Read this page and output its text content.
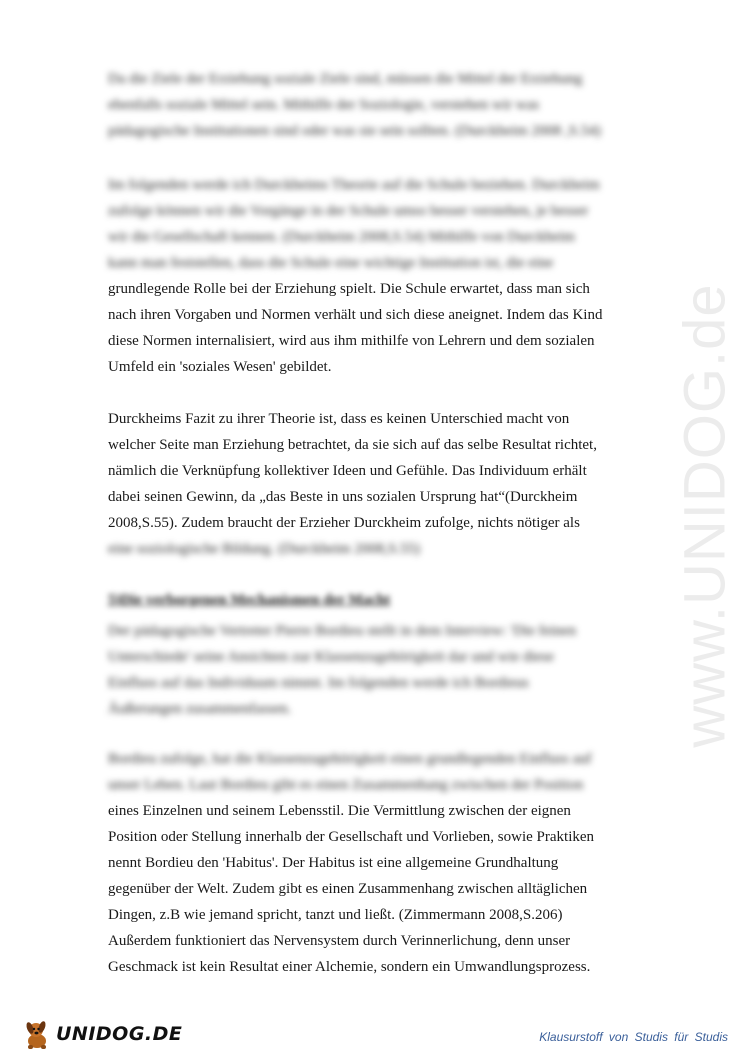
www.UNIDOG.de
Da die Ziele der Erziehung soziale Ziele sind, müssen die Mittel der Erziehung
ebenfalls soziale Mittel sein. Mithilfe der Soziologie, verstehen wir was
pädagogische Institutionen sind oder was sie sein sollten. (Durckheim 2008 ,S.54)
Im folgenden werde ich Durckheims Theorie auf die Schule beziehen. Durckheim
zufolge können wir die Vorgänge in der Schule umso besser verstehen, je besser
wir die Gesellschaft kennen. (Durckheim 2008,S.54) Mithilfe von Durckheim
kann man feststellen, dass die Schule eine wichtige Institution ist, die eine
grundlegende Rolle bei der Erziehung spielt. Die Schule erwartet, dass man sich
nach ihren Vorgaben und Normen verhält und sich diese aneignet. Indem das Kind
diese Normen internalisiert, wird aus ihm mithilfe von Lehrern und dem sozialen
Umfeld ein 'soziales Wesen' gebildet.
Durckheims Fazit zu ihrer Theorie ist, dass es keinen Unterschied macht von
welcher Seite man Erziehung betrachtet, da sie sich auf das selbe Resultat richtet,
nämlich die Verknüpfung kollektiver Ideen und Gefühle. Das Individuum erhält
dabei seinen Gewinn, da „das Beste in uns sozialen Ursprung hat“(Durckheim
2008,S.55). Zudem braucht der Erzieher Durckheim zufolge, nichts nötiger als
eine soziologische Bildung. (Durckheim 2008,S.55)
5)Die verborgenen Mechanismen der Macht
Der pädagogische Vertreter Pierre Bordieu stellt in dem Interview: 'Die feinen
Unterschiede' seine Ansichten zur Klassenzugehörigkeit dar und wie diese
Einfluss auf das Individuum nimmt. Im folgenden werde ich Bordieus
Äußerungen zusammenfassen.
Bordieu zufolge, hat die Klassenzugehörigkeit einen grundlegenden Einfluss auf
unser Leben. Laut Bordieu gibt es einen Zusammenhang zwischen der Position
eines Einzelnen und seinem Lebensstil. Die Vermittlung zwischen der eignen
Position oder Stellung innerhalb der Gesellschaft und Vorlieben, sowie Praktiken
nennt Bordieu den 'Habitus'. Der Habitus ist eine allgemeine Grundhaltung
gegenüber der Welt. Zudem gibt es einen Zusammenhang zwischen alltäglichen
Dingen, z.B wie jemand spricht, tanzt und ließt. (Zimmermann 2008,S.206)
Außerdem funktioniert das Nervensystem durch Verinnerlichung, denn unser
Geschmack ist kein Resultat einer Alchemie, sondern ein Umwandlungsprozess.
UNIDOG.DE	Klausurstoff von Studis für Studis
